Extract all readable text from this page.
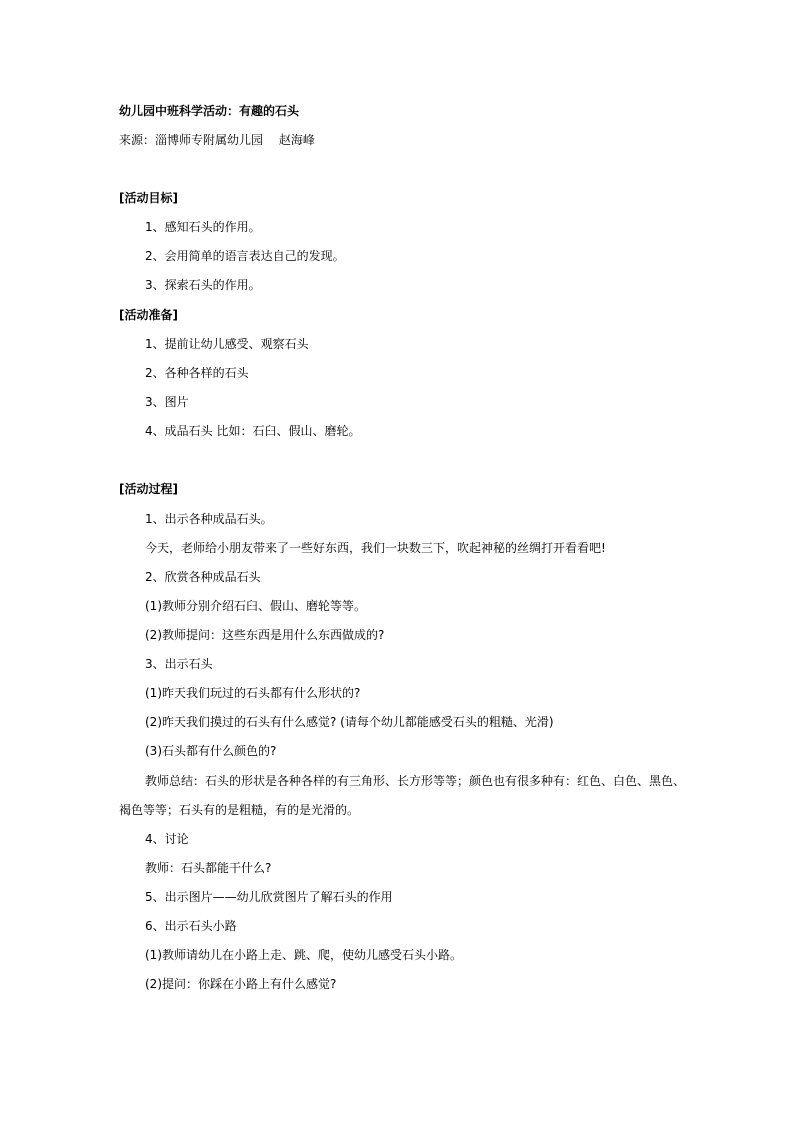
幼儿园中班科学活动：有趣的石头
来源：淄博师专附属幼儿园　 赵海峰
[活动目标]
1、感知石头的作用。
2、会用简单的语言表达自己的发现。
3、探索石头的作用。
[活动准备]
1、提前让幼儿感受、观察石头
2、各种各样的石头
3、图片
4、成品石头 比如：石臼、假山、磨轮。
[活动过程]
1、出示各种成品石头。
今天，老师给小朋友带来了一些好东西，我们一块数三下，吹起神秘的丝绸打开看看吧!
2、欣赏各种成品石头
(1)教师分别介绍石臼、假山、磨轮等等。
(2)教师提问：这些东西是用什么东西做成的?
3、出示石头
(1)昨天我们玩过的石头都有什么形状的?
(2)昨天我们摸过的石头有什么感觉? (请每个幼儿都能感受石头的粗糙、光滑)
(3)石头都有什么颜色的?
教师总结：石头的形状是各种各样的有三角形、长方形等等；颜色也有很多种有：红色、白色、黑色、
褐色等等；石头有的是粗糙，有的是光滑的。
4、讨论
教师：石头都能干什么?
5、出示图片——幼儿欣赏图片了解石头的作用
6、出示石头小路
(1)教师请幼儿在小路上走、跳、爬，使幼儿感受石头小路。
(2)提问：你踩在小路上有什么感觉?
